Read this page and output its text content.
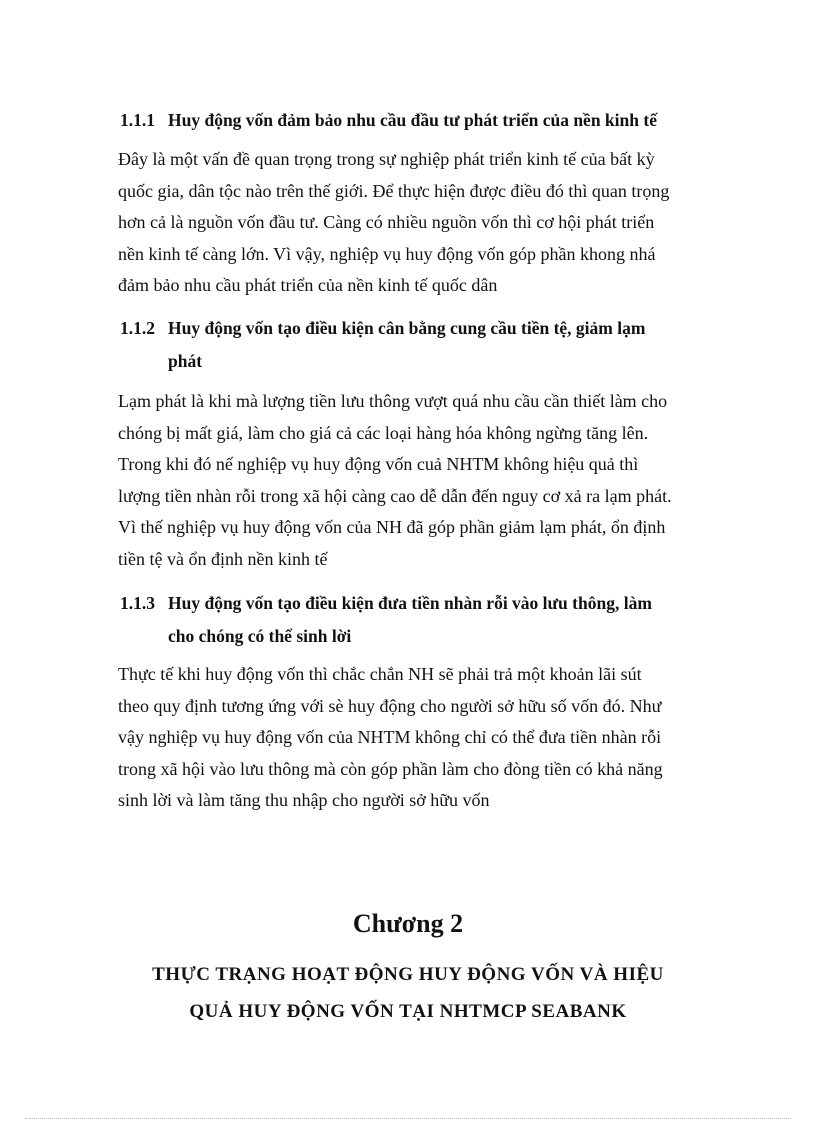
1.1.1 Huy động vốn đảm bảo nhu cầu đầu tư phát triển của nền kinh tế
Đây là một vấn đề quan trọng trong sự nghiệp phát triển kinh tế của bất kỳ
quốc gia, dân tộc nào trên thế giới. Để thực hiện được điều đó thì quan trọng
hơn cả là nguồn vốn đầu tư. Càng có nhiều nguồn vốn thì cơ hội phát triển
nền kinh tế càng lớn. Vì vậy, nghiệp vụ huy động vốn góp phần khong nhá
đảm bảo nhu cầu phát triển của nền kinh tế quốc dân
1.1.2 Huy động vốn tạo điều kiện cân bằng cung cầu tiền tệ, giảm lạm
phát
Lạm phát là khi mà lượng tiền lưu thông vượt quá nhu cầu cần thiết làm cho
chóng bị mất giá, làm cho giá cả các loại hàng hóa không ngừng tăng lên.
Trong khi đó nế nghiệp vụ huy động vốn cuả NHTM không hiệu quả thì
lượng tiền nhàn rỗi trong xã hội càng cao dễ dẫn đến nguy cơ xả ra lạm phát.
Vì thế nghiệp vụ huy động vốn của NH đã góp phần giảm lạm phát, ổn định
tiền tệ và ổn định nền kinh tế
1.1.3 Huy động vốn tạo điều kiện đưa tiền nhàn rỗi vào lưu thông, làm
cho chóng có thể sinh lời
Thực tế khi huy động vốn thì chắc chắn NH sẽ phải trả một khoản lãi sút
theo quy định tương ứng với sè huy động cho người sở hữu số vốn đó. Như
vậy nghiệp vụ huy động vốn của NHTM không chỉ có thể đưa tiền nhàn rỗi
trong xã hội vào lưu thông mà còn góp phần làm cho đòng tiền có khả năng
sinh lời và làm tăng thu nhập cho người sở hữu vốn
Chương 2
THỰC TRẠNG HOẠT ĐỘNG HUY ĐỘNG VỐN VÀ HIỆU
QUẢ HUY ĐỘNG VỐN TẠI NHTMCP SEABANK
